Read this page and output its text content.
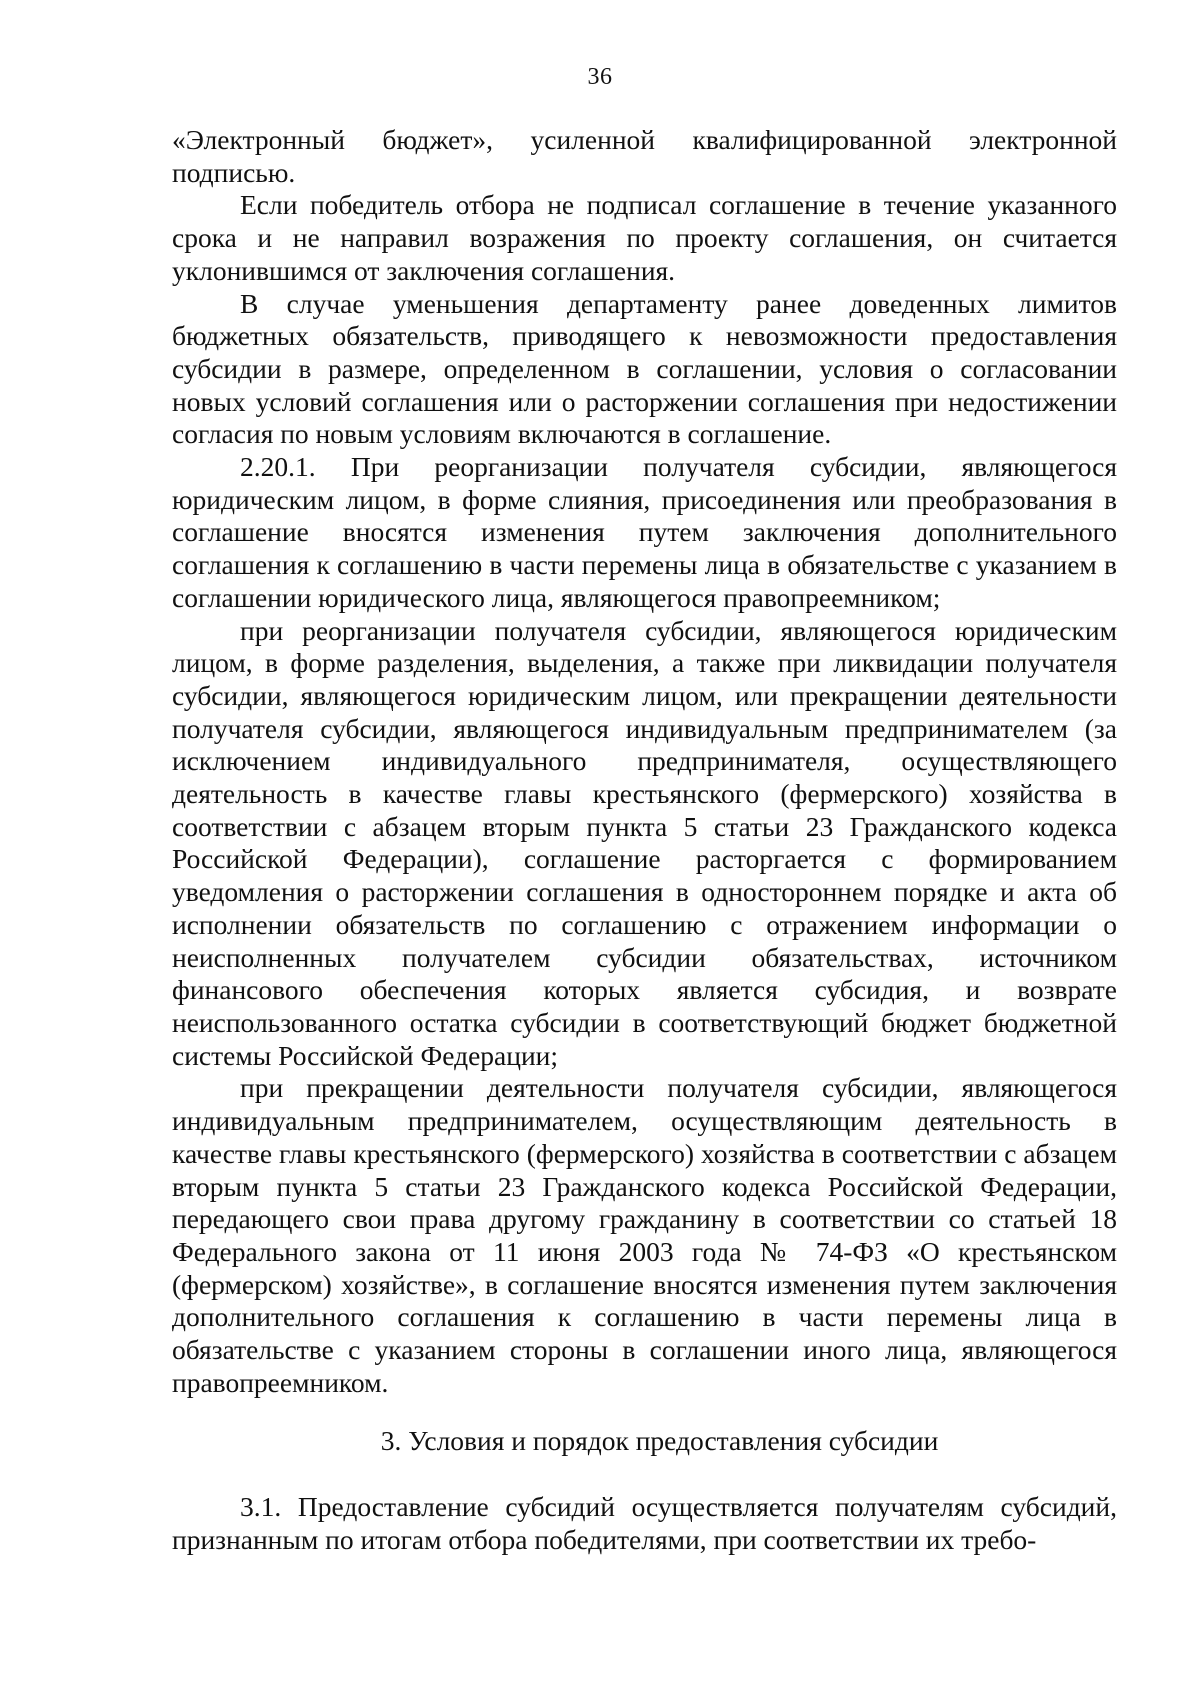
36

«Электронный бюджет», усиленной квалифицированной электронной подписью.

Если победитель отбора не подписал соглашение в течение указанного срока и не направил возражения по проекту соглашения, он считается уклонившимся от заключения соглашения.

В случае уменьшения департаменту ранее доведенных лимитов бюджетных обязательств, приводящего к невозможности предоставления субсидии в размере, определенном в соглашении, условия о согласовании новых условий соглашения или о расторжении соглашения при недостижении согласия по новым условиям включаются в соглашение.

2.20.1. При реорганизации получателя субсидии, являющегося юридическим лицом, в форме слияния, присоединения или преобразования в соглашение вносятся изменения путем заключения дополнительного соглашения к соглашению в части перемены лица в обязательстве с указанием в соглашении юридического лица, являющегося правопреемником;

при реорганизации получателя субсидии, являющегося юридическим лицом, в форме разделения, выделения, а также при ликвидации получателя субсидии, являющегося юридическим лицом, или прекращении деятельности получателя субсидии, являющегося индивидуальным предпринимателем (за исключением индивидуального предпринимателя, осуществляющего деятельность в качестве главы крестьянского (фермерского) хозяйства в соответствии с абзацем вторым пункта 5 статьи 23 Гражданского кодекса Российской Федерации), соглашение расторгается с формированием уведомления о расторжении соглашения в одностороннем порядке и акта об исполнении обязательств по соглашению с отражением информации о неисполненных получателем субсидии обязательствах, источником финансового обеспечения которых является субсидия, и возврате неиспользованного остатка субсидии в соответствующий бюджет бюджетной системы Российской Федерации;

при прекращении деятельности получателя субсидии, являющегося индивидуальным предпринимателем, осуществляющим деятельность в качестве главы крестьянского (фермерского) хозяйства в соответствии с абзацем вторым пункта 5 статьи 23 Гражданского кодекса Российской Федерации, передающего свои права другому гражданину в соответствии со статьей 18 Федерального закона от 11 июня 2003 года № 74-ФЗ «О крестьянском (фермерском) хозяйстве», в соглашение вносятся изменения путем заключения дополнительного соглашения к соглашению в части перемены лица в обязательстве с указанием стороны в соглашении иного лица, являющегося правопреемником.

3. Условия и порядок предоставления субсидии

3.1. Предоставление субсидий осуществляется получателям субсидий, признанным по итогам отбора победителями, при соответствии их требо-
